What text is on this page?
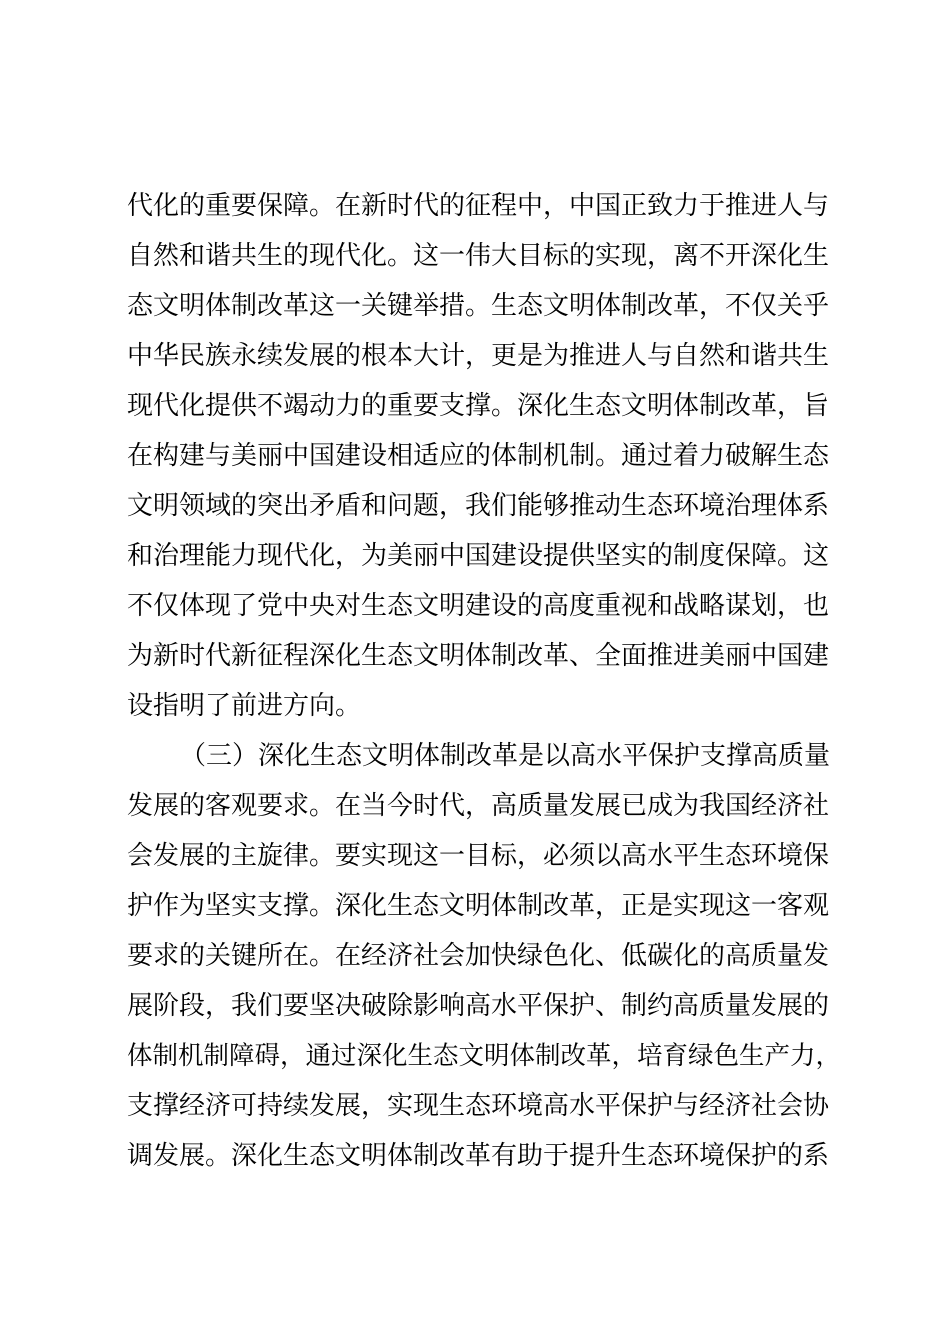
代化的重要保障。在新时代的征程中，中国正致力于推进人与
自然和谐共生的现代化。这一伟大目标的实现，离不开深化生
态文明体制改革这一关键举措。生态文明体制改革，不仅关乎
中华民族永续发展的根本大计，更是为推进人与自然和谐共生
现代化提供不竭动力的重要支撑。深化生态文明体制改革，旨
在构建与美丽中国建设相适应的体制机制。通过着力破解生态
文明领域的突出矛盾和问题，我们能够推动生态环境治理体系
和治理能力现代化，为美丽中国建设提供坚实的制度保障。这
不仅体现了党中央对生态文明建设的高度重视和战略谋划，也
为新时代新征程深化生态文明体制改革、全面推进美丽中国建
设指明了前进方向。
（三）深化生态文明体制改革是以高水平保护支撑高质量
发展的客观要求。在当今时代，高质量发展已成为我国经济社
会发展的主旋律。要实现这一目标，必须以高水平生态环境保
护作为坚实支撑。深化生态文明体制改革，正是实现这一客观
要求的关键所在。在经济社会加快绿色化、低碳化的高质量发
展阶段，我们要坚决破除影响高水平保护、制约高质量发展的
体制机制障碍，通过深化生态文明体制改革，培育绿色生产力，
支撑经济可持续发展，实现生态环境高水平保护与经济社会协
调发展。深化生态文明体制改革有助于提升生态环境保护的系
